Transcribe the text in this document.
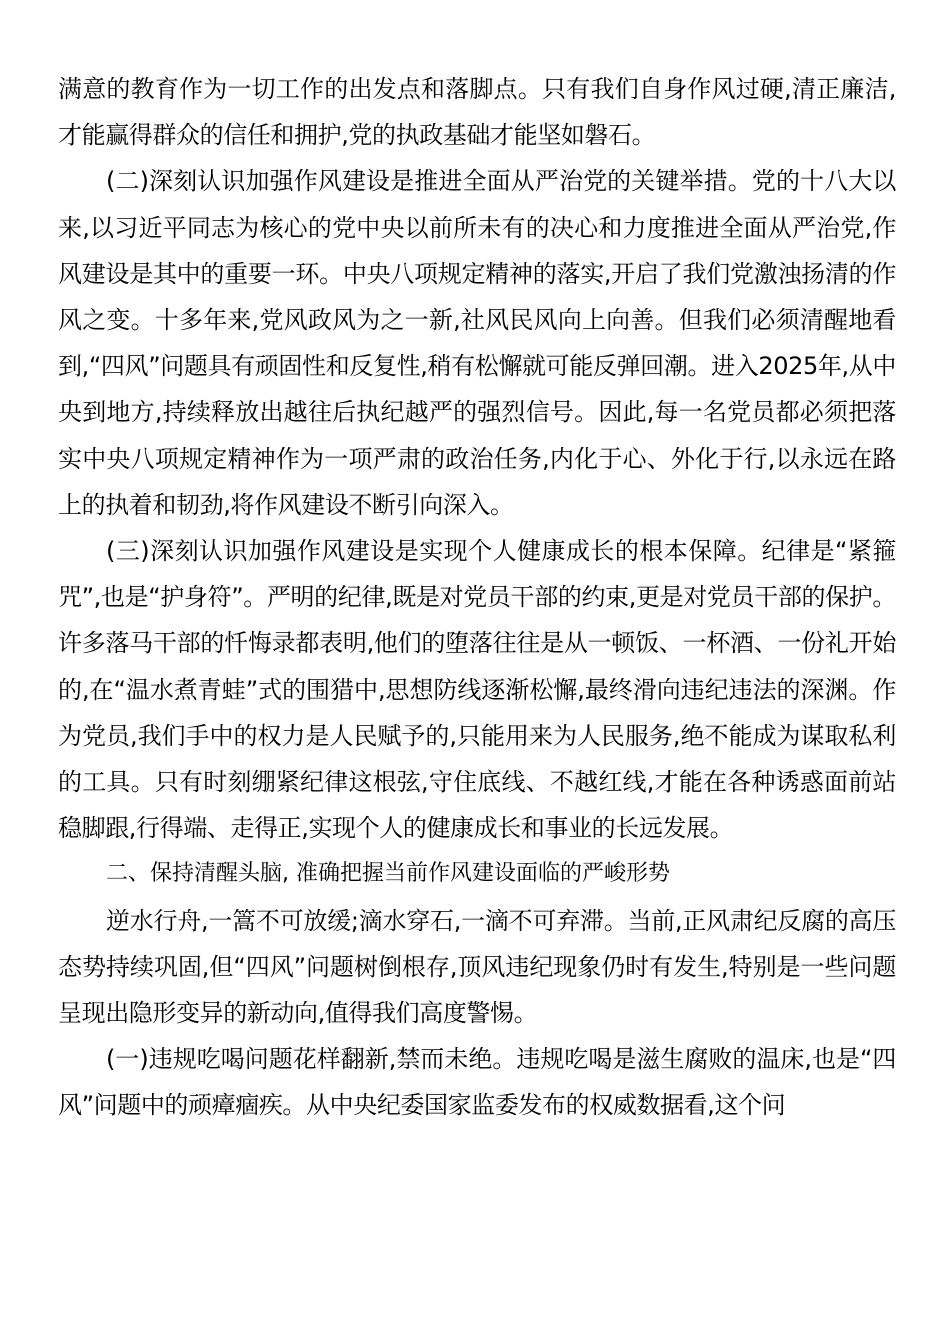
满意的教育作为一切工作的出发点和落脚点。只有我们自身作风过硬,清正廉洁,才能赢得群众的信任和拥护,党的执政基础才能坚如磐石。

(二)深刻认识加强作风建设是推进全面从严治党的关键举措。党的十八大以来,以习近平同志为核心的党中央以前所未有的决心和力度推进全面从严治党,作风建设是其中的重要一环。中央八项规定精神的落实,开启了我们党激浊扬清的作风之变。十多年来,党风政风为之一新,社风民风向上向善。但我们必须清醒地看到,“四风”问题具有顽固性和反复性,稍有松懈就可能反弹回潮。进入2025年,从中央到地方,持续释放出越往后执纪越严的强烈信号。因此,每一名党员都必须把落实中央八项规定精神作为一项严肃的政治任务,内化于心、外化于行,以永远在路上的执着和韧劲,将作风建设不断引向深入。

(三)深刻认识加强作风建设是实现个人健康成长的根本保障。纪律是“紧箍咒”,也是“护身符”。严明的纪律,既是对党员干部的约束,更是对党员干部的保护。许多落马干部的忏悔录都表明,他们的堕落往往是从一顿饭、一杯酒、一份礼开始的,在“温水煮青蛙”式的围猎中,思想防线逐渐松懈,最终滑向违纪违法的深渊。作为党员,我们手中的权力是人民赋予的,只能用来为人民服务,绝不能成为谋取私利的工具。只有时刻绷紧纪律这根弦,守住底线、不越红线,才能在各种诱惑面前站稳脚跟,行得端、走得正,实现个人的健康成长和事业的长远发展。

二、保持清醒头脑, 准确把握当前作风建设面临的严峻形势

逆水行舟,一篙不可放缓;滴水穿石,一滴不可弃滞。当前,正风肃纪反腐的高压态势持续巩固,但“四风”问题树倒根存,顶风违纪现象仍时有发生,特别是一些问题呈现出隐形变异的新动向,值得我们高度警惕。

(一)违规吃喝问题花样翻新,禁而未绝。违规吃喝是滋生腐败的温床,也是“四风”问题中的顽瘴痼疾。从中央纪委国家监委发布的权威数据看,这个问
